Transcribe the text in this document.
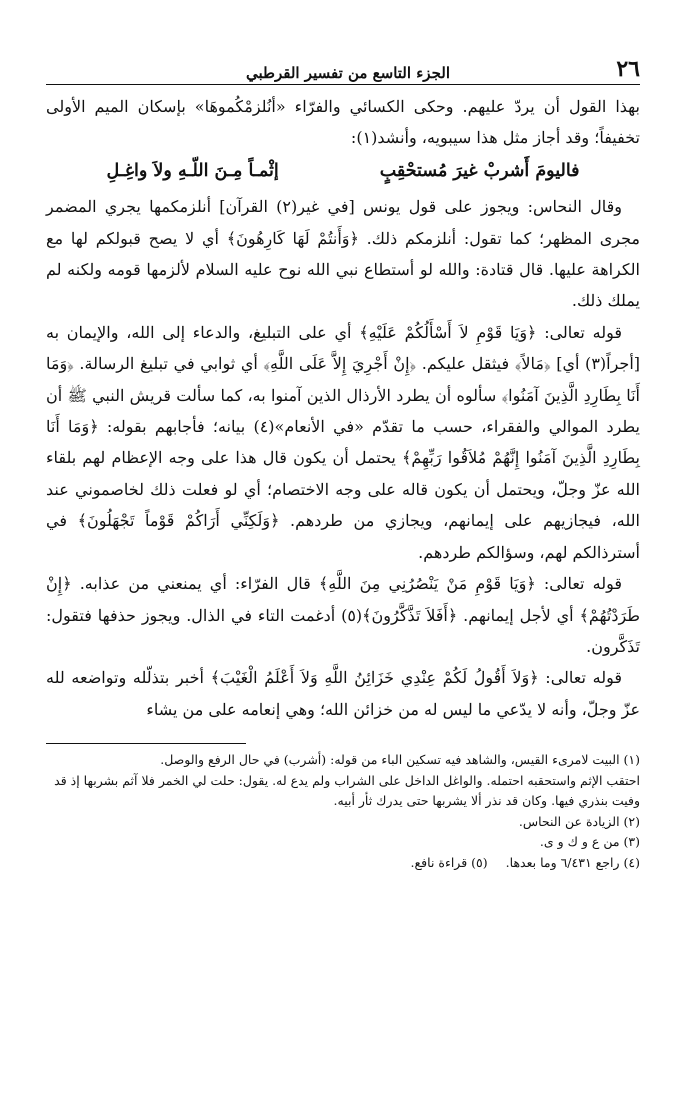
٢٦
الجزء التاسع من تفسير القرطبي

بهذا القول أن يردّ عليهم. وحكى الكسائي والفرّاء «أنُلزمْكُموهَا» بإسكان الميم الأولى تخفيفاً؛ وقد أجاز مثل هذا سيبويه، وأنشد(١):

فاليومَ أَشربْ غيرَ مُستحْقِبٍ
إثْمـاً مِـنَ اللّـهِ ولاَ واغِـلِ

وقال النحاس: ويجوز على قول يونس [في غير(٢) القرآن] أنلزمكمها يجري المضمر مجرى المظهر؛ كما تقول: أنلزمكم ذلك. ﴿وَأَنتُمْ لَهَا كَارِهُونَ﴾ أي لا يصح قبولكم لها مع الكراهة عليها. قال قتادة: والله لو أستطاع نبي الله نوح عليه السلام لألزمها قومه ولكنه لم يملك ذلك.

قوله تعالى: ﴿وَيَا قَوْمِ لاَ أَسْأَلُكُمْ عَلَيْهِ﴾ أي على التبليغ، والدعاء إلى الله، والإيمان به [أجراً(٣) أي] ﴿مَالاً﴾ فيثقل عليكم. ﴿إِنْ أَجْرِيَ إِلاَّ عَلَى اللَّهِ﴾ أي ثوابي في تبليغ الرسالة. ﴿وَمَا أَنَا بِطَارِدِ الَّذِينَ آمَنُوا﴾ سألوه أن يطرد الأرذال الذين آمنوا به، كما سألت قريش النبي ﷺ أن يطرد الموالي والفقراء، حسب ما تقدّم «في الأنعام»(٤) بيانه؛ فأجابهم بقوله: ﴿وَمَا أَنَا بِطَارِدِ الَّذِينَ آمَنُوا إِنَّهُمْ مُلاَقُوا رَبِّهِمْ﴾ يحتمل أن يكون قال هذا على وجه الإعظام لهم بلقاء الله عزّ وجلّ، ويحتمل أن يكون قاله على وجه الاختصام؛ أي لو فعلت ذلك لخاصموني عند الله، فيجازيهم على إيمانهم، ويجازي من طردهم. ﴿وَلَكِنِّي أَرَاكُمْ قَوْماً تَجْهَلُونَ﴾ في أسترذالكم لهم، وسؤالكم طردهم.

قوله تعالى: ﴿وَيَا قَوْمِ مَنْ يَنْصُرُنِي مِنَ اللَّهِ﴾ قال الفرّاء: أي يمنعني من عذابه. ﴿إِنْ طَرَدْتُهُمْ﴾ أي لأجل إيمانهم. ﴿أَفَلاَ تَذَّكَّرُونَ﴾(٥) أدغمت التاء في الذال. ويجوز حذفها فتقول: تَذَكَّرون.

قوله تعالى: ﴿وَلاَ أَقُولُ لَكُمْ عِنْدِي خَزَائِنُ اللَّهِ وَلاَ أَعْلَمُ الْغَيْبَ﴾ أخبر بتذلّله وتواضعه لله عزّ وجلّ، وأنه لا يدّعي ما ليس له من خزائن الله؛ وهي إنعامه على من يشاء

(١) البيت لامرىء القيس، والشاهد فيه تسكين الباء من قوله: (أشرب) في حال الرفع والوصل.

احتقب الإثم واستحقبه احتمله. والواغل الداخل على الشراب ولم يدع له. يقول: حلت لي الخمر فلا آثم بشربها إذ قد وفيت بنذري فيها. وكان قد نذر ألا يشربها حتى يدرك ثأر أبيه.

(٢) الزيادة عن النحاس.

(٣) من ع و ك و ى.

(٤) راجع ٦/٤٣١ وما بعدها.
(٥) قراءة نافع.
